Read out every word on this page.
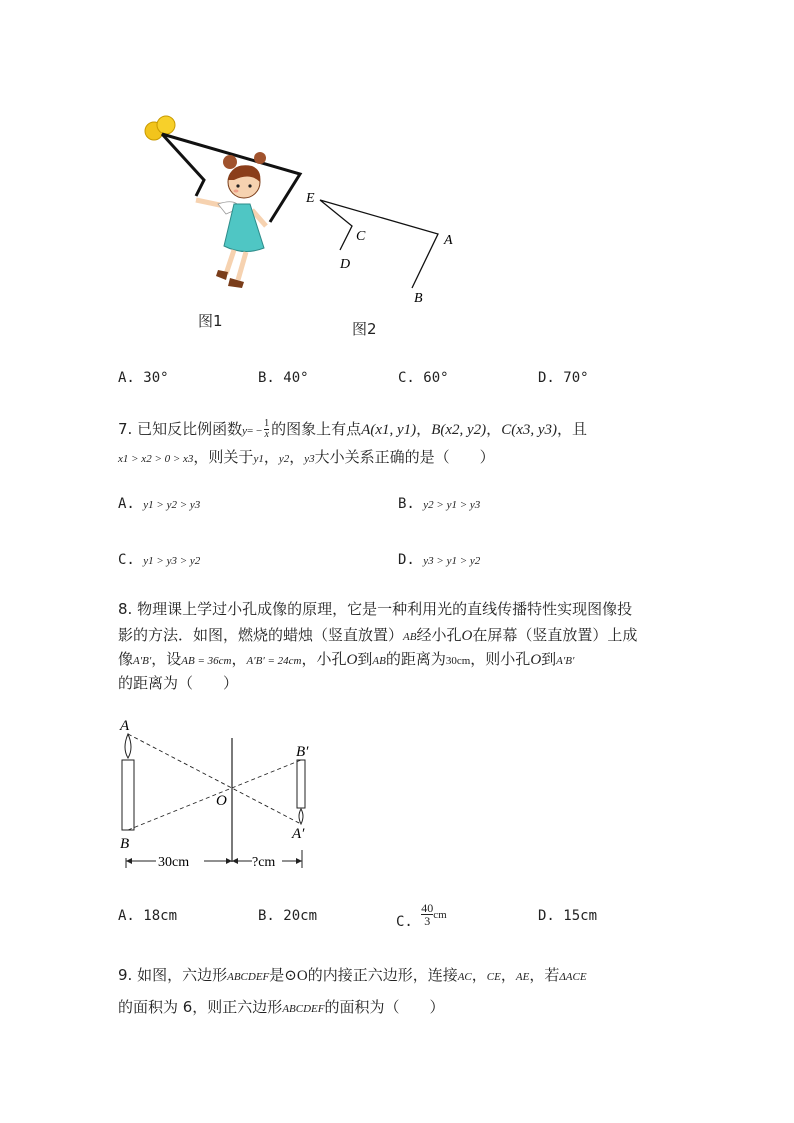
E
C
D
A
B
图1	图2
A. 30°	B. 40°	C. 60°	D. 70°
7. 已知反比例函数$y= - \frac{1}{x}$ 的图象上有点A(x1, y1)，B(x2, y2)，C(x3, y3)，且
x1 > x2 > 0 > x3，则关于y1，y2，y3大小关系正确的是（　　）
A. y1 > y2 > y3	B. y2 > y1 > y3
C. y1 > y3 > y2	D. y3 > y1 > y2
8. 物理课上学过小孔成像的原理，它是一种利用光的直线传播特性实现图像投
影的方法．如图，燃烧的蜡烛（竖直放置）AB经小孔O在屏幕（竖直放置）上成
像A′B′，设AB = 36cm，A′B′ = 24cm，小孔O到AB的距离为30cm，则小孔O到A′B′
的距离为（　　）
A
B
O
B′
A′
30cm	?cm
A. 18cm	B. 20cm	C. $\frac{40}{3} _{cm}$	D. 15cm
9. 如图，六边形ABCDEF是⊙O的内接正六边形，连接AC，CE，AE，若ΔACE
的面积为 6，则正六边形ABCDEF的面积为（　　）
